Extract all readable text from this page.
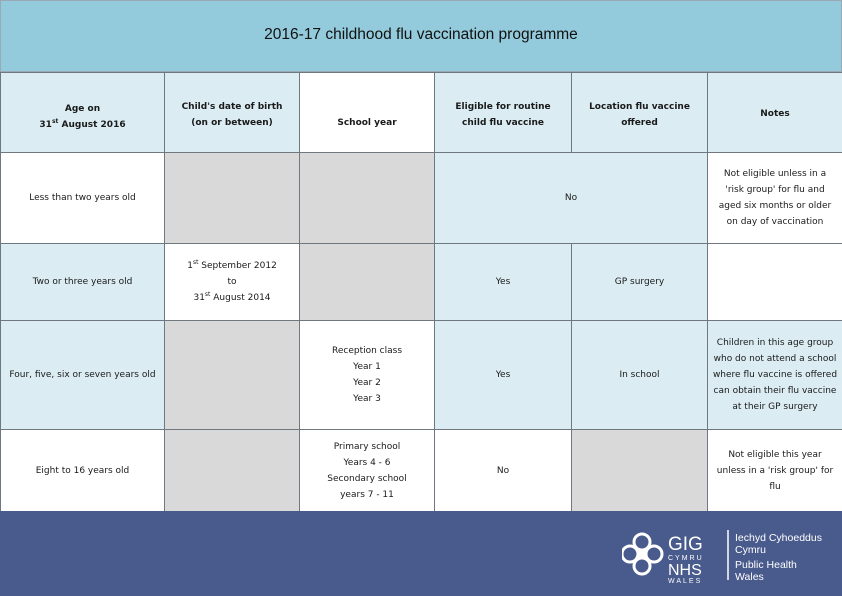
2016-17 childhood flu vaccination programme
Age on
31st August 2016	Child's date of birth
(on or between)	School year	Eligible for routine
child flu vaccine	Location flu vaccine
offered	Notes
Less than two years old			No		Not eligible unless in a
'risk group' for flu and
aged six months or older
on day of vaccination

Two or three years old	1st September 2012
to
31st August 2014		Yes	GP surgery	
Four, five, six or seven years old		Reception class
Year 1
Year 2
Year 3	Yes	In school	Children in this age group
who do not attend a school
where flu vaccine is offered
can obtain their flu vaccine
at their GP surgery

Eight to 16 years old		Primary school
Years 4 - 6
Secondary school
years 7 - 11	No		Not eligible this year
unless in a 'risk group' for
flu
GIG
CYMRU
NHS
WALES
Iechyd Cyhoeddus
Cymru
Public Health
Wales
